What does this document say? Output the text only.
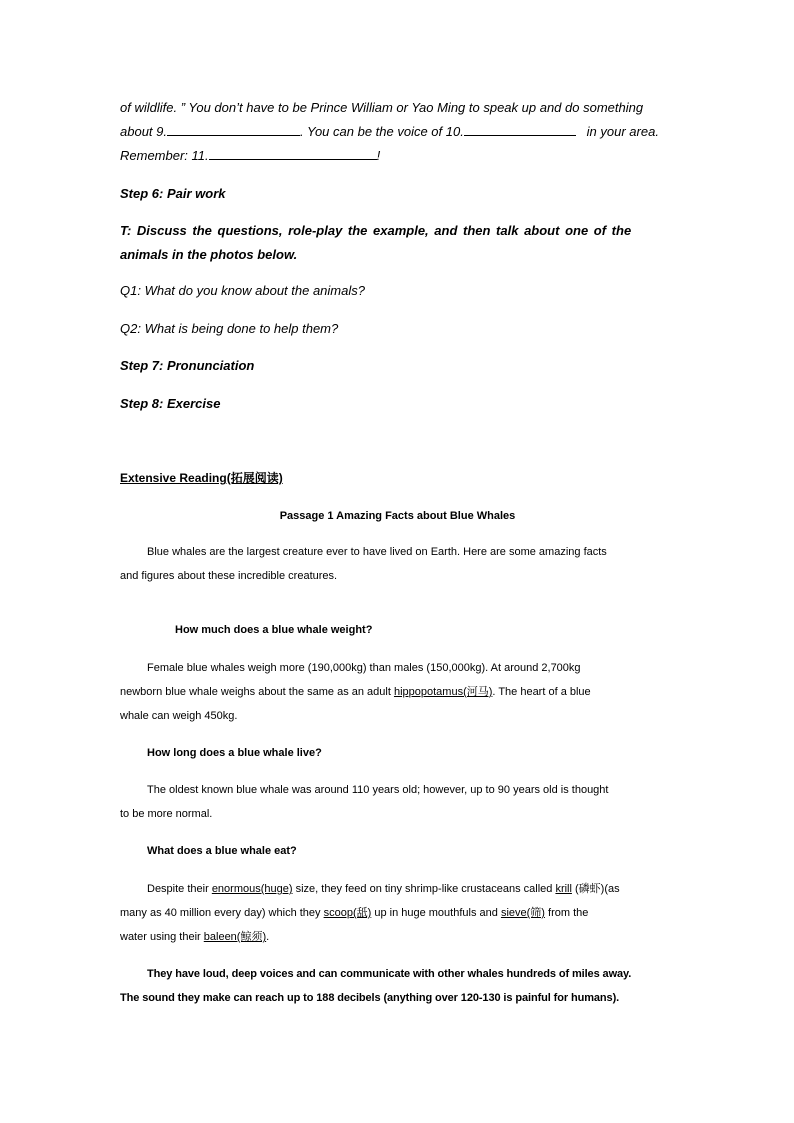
of wildlife. ” You don’t have to be Prince William or Yao Ming to speak up and do something

about 9.	. You can be the voice of 10.	in your area.

Remember: 11.	!

Step 6: Pair work

T: Discuss the questions, role-play the example, and then talk about one of the

animals in the photos below.

Q1: What do you know about the animals?

Q2: What is being done to help them?

Step 7: Pronunciation

Step 8: Exercise

Extensive Reading(拓展阅读)

Passage 1 Amazing Facts about Blue Whales

Blue whales are the largest creature ever to have lived on Earth. Here are some amazing facts

and figures about these incredible creatures.

How much does a blue whale weight?

Female blue whales weigh more (190,000kg) than males (150,000kg). At around 2,700kg

newborn blue whale weighs about the same as an adult hippopotamus(河马). The heart of a blue

whale can weigh 450kg.

How long does a blue whale live?

The oldest known blue whale was around 110 years old; however, up to 90 years old is thought

to be more normal.

What does a blue whale eat?

Despite their enormous(huge) size, they feed on tiny shrimp-like crustaceans called krill (磷虾)(as

many as 40 million every day) which they scoop(舐) up in huge mouthfuls and sieve(筛) from the

water using their baleen(鲸须).

They have loud, deep voices and can communicate with other whales hundreds of miles away.

The sound they make can reach up to 188 decibels (anything over 120-130 is painful for humans).
